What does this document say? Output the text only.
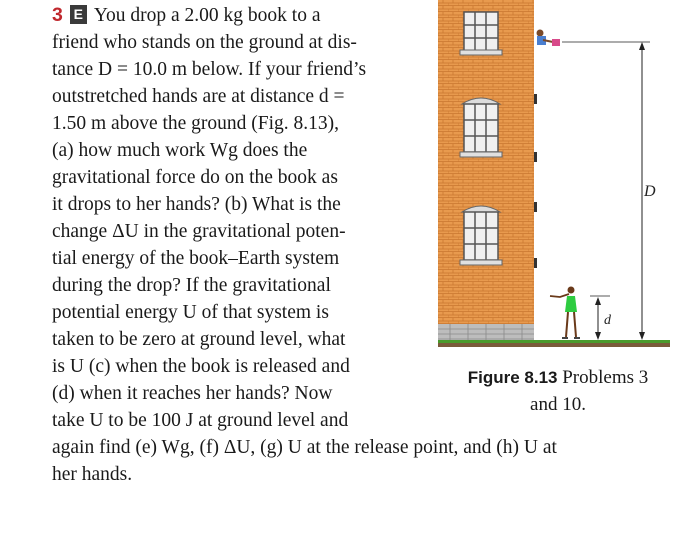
3 E You drop a 2.00 kg book to a
friend who stands on the ground at dis-
tance D = 10.0 m below. If your friend’s
outstretched hands are at distance d =
1.50 m above the ground (Fig. 8.13),
(a) how much work Wg does the
gravitational force do on the book as
it drops to her hands? (b) What is the
change ΔU in the gravitational poten-
tial energy of the book–Earth system
during the drop? If the gravitational
potential energy U of that system is
taken to be zero at ground level, what
is U (c) when the book is released and
(d) when it reaches her hands? Now
take U to be 100 J at ground level and
again find (e) Wg, (f) ΔU, (g) U at the release point, and (h) U at
her hands.
D
d
Figure 8.13 Problems 3
and 10.
